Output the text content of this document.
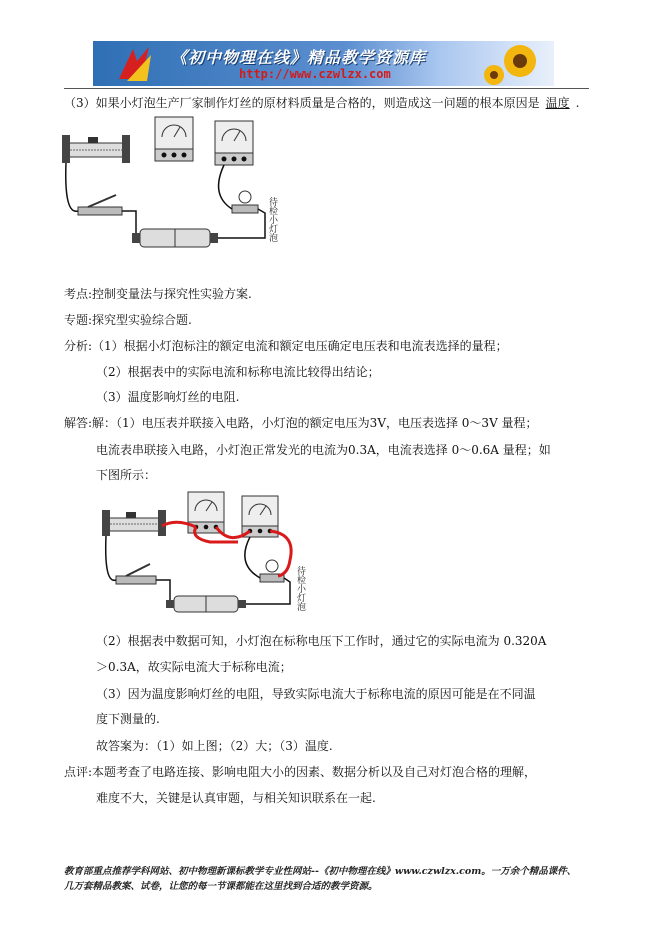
《初中物理在线》精品教学资源库
http://www.czwlzx.com
（3）如果小灯泡生产厂家制作灯丝的原材料质量是合格的，则造成这一问题的根本原因是 温度 .
待检小灯泡
考点:控制变量法与探究性实验方案.
专题:探究型实验综合题.
分析:（1）根据小灯泡标注的额定电流和额定电压确定电压表和电流表选择的量程；
（2）根据表中的实际电流和标称电流比较得出结论；
（3）温度影响灯丝的电阻.
解答:解：（1）电压表并联接入电路，小灯泡的额定电压为3V，电压表选择 0～3V 量程；
电流表串联接入电路，小灯泡正常发光的电流为0.3A，电流表选择 0～0.6A 量程；如
下图所示：
待检小灯泡
（2）根据表中数据可知，小灯泡在标称电压下工作时，通过它的实际电流为 0.320A
＞0.3A，故实际电流大于标称电流；
（3）因为温度影响灯丝的电阻，导致实际电流大于标称电流的原因可能是在不同温
度下测量的.
故答案为：（1）如上图；（2）大；（3）温度.
点评:本题考查了电路连接、影响电阻大小的因素、数据分析以及自己对灯泡合格的理解，
难度不大，关键是认真审题，与相关知识联系在一起.
教育部重点推荐学科网站、初中物理新课标教学专业性网站--《初中物理在线》www.czwlzx.com。一万余个精品课件、
几万套精品教案、试卷，让您的每一节课都能在这里找到合适的教学资源。
